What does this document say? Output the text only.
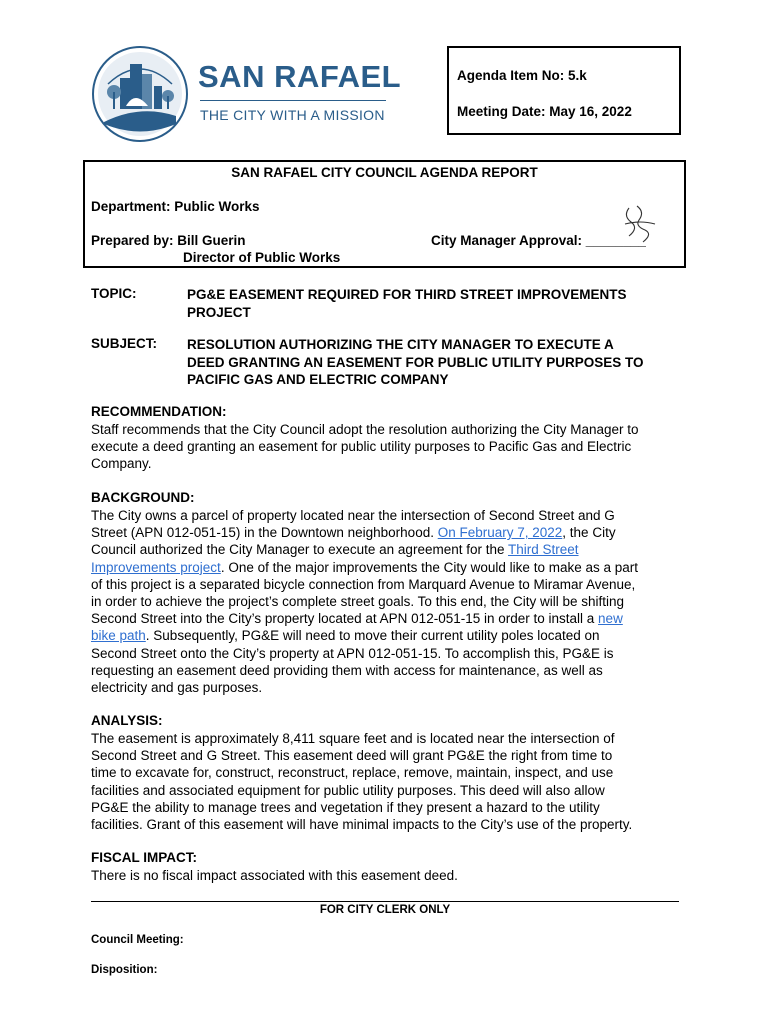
SAN RAFAEL
THE CITY WITH A MISSION
Agenda Item No: 5.k
Meeting Date: May 16, 2022
SAN RAFAEL CITY COUNCIL AGENDA REPORT
Department: Public Works
Prepared by: Bill Guerin
Director of Public Works
City Manager Approval: ________
TOPIC:	PG&E EASEMENT REQUIRED FOR THIRD STREET IMPROVEMENTS
PROJECT
SUBJECT: RESOLUTION AUTHORIZING THE CITY MANAGER TO EXECUTE A
DEED GRANTING AN EASEMENT FOR PUBLIC UTILITY PURPOSES TO
PACIFIC GAS AND ELECTRIC COMPANY
RECOMMENDATION:
Staff recommends that the City Council adopt the resolution authorizing the City Manager to
execute a deed granting an easement for public utility purposes to Pacific Gas and Electric
Company.
BACKGROUND:
The City owns a parcel of property located near the intersection of Second Street and G
Street (APN 012-051-15) in the Downtown neighborhood. On February 7, 2022, the City
Council authorized the City Manager to execute an agreement for the Third Street
Improvements project. One of the major improvements the City would like to make as a part
of this project is a separated bicycle connection from Marquard Avenue to Miramar Avenue,
in order to achieve the project’s complete street goals. To this end, the City will be shifting
Second Street into the City’s property located at APN 012-051-15 in order to install a new
bike path. Subsequently, PG&E will need to move their current utility poles located on
Second Street onto the City’s property at APN 012-051-15. To accomplish this, PG&E is
requesting an easement deed providing them with access for maintenance, as well as
electricity and gas purposes.
ANALYSIS:
The easement is approximately 8,411 square feet and is located near the intersection of
Second Street and G Street. This easement deed will grant PG&E the right from time to
time to excavate for, construct, reconstruct, replace, remove, maintain, inspect, and use
facilities and associated equipment for public utility purposes. This deed will also allow
PG&E the ability to manage trees and vegetation if they present a hazard to the utility
facilities. Grant of this easement will have minimal impacts to the City’s use of the property.
FISCAL IMPACT:
There is no fiscal impact associated with this easement deed.
FOR CITY CLERK ONLY
Council Meeting:
Disposition:
